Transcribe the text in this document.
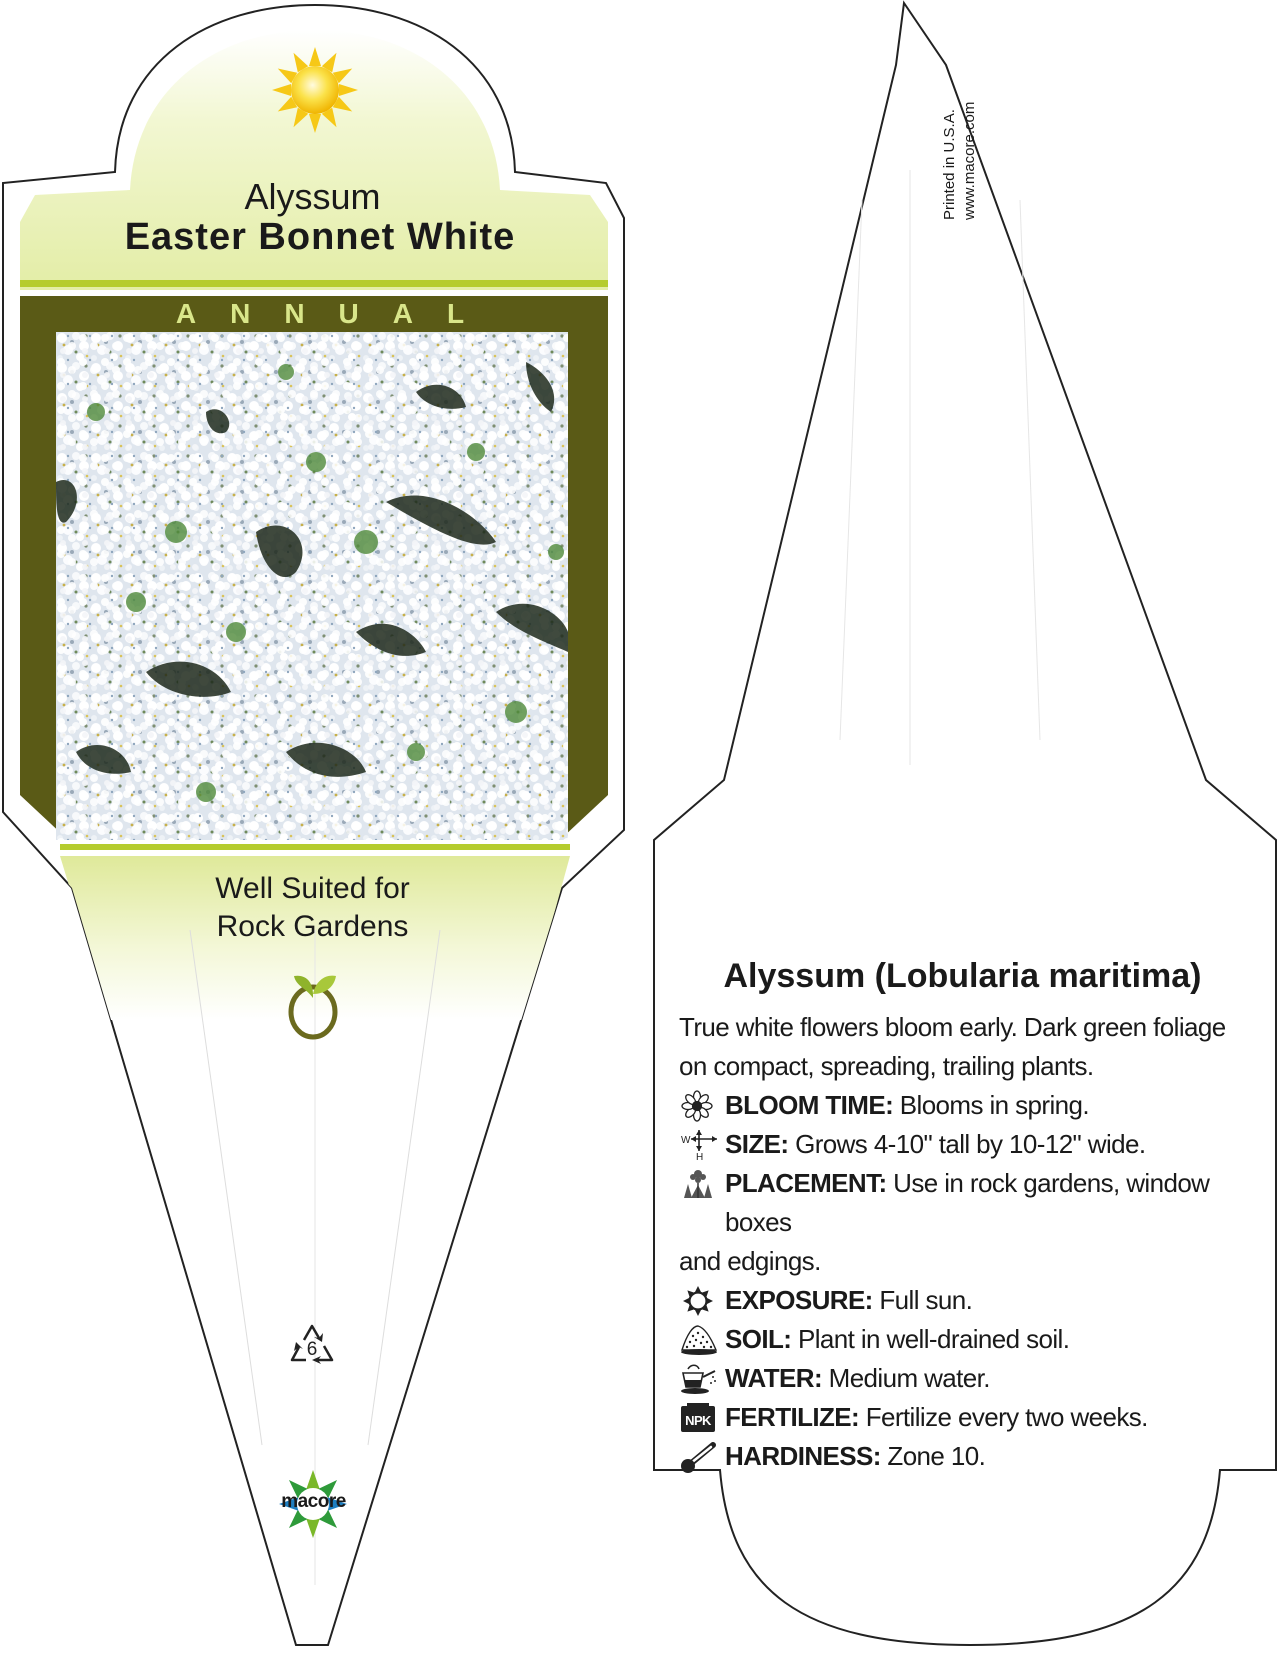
Alyssum
Easter Bonnet White
ANNUAL
Well Suited for
Rock Gardens
6
macore
Printed in U.S.A. www.macore.com
Alyssum (Lobularia maritima)
True white flowers bloom early. Dark green foliage on compact, spreading, trailing plants.
BLOOM TIME: Blooms in spring.
W
H SIZE: Grows 4-10" tall by 10-12" wide.
PLACEMENT: Use in rock gardens, window boxes
and edgings.
EXPOSURE: Full sun.
SOIL: Plant in well-drained soil.
WATER: Medium water.
NPK FERTILIZE: Fertilize every two weeks.
HARDINESS: Zone 10.
